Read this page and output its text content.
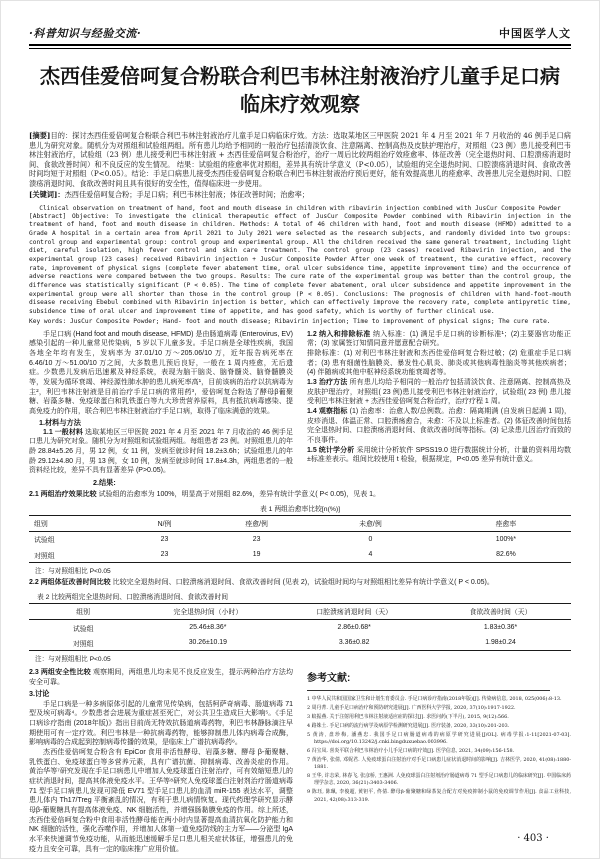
·科普知识与经验交流·	中国医学人文
杰西佳爱倍呵复合粉联合利巴韦林注射液治疗儿童手足口病
临床疗效观察

[摘要]目的：探讨杰西佳爱倍呵复合粉联合利巴韦林注射液治疗儿童手足口病临床疗效。方法：选取某地区三甲医院 2021 年 4 月至 2021 年 7 月收治的 46 例手足口病患儿为研究对象。随机分为对照组和试验组两组。所有患儿均给予相同的一般治疗包括清淡饮食、注意隔离、控制高热及皮肤护理治疗，对照组（23 例）患儿接受利巴韦林注射液治疗，试验组（23 例）患儿接受利巴韦林注射液 + 杰西佳爱倍呵复合粉治疗，治疗一周后比较两组治疗效痊愈率、体征改善（完全退热时间、口腔溃疡消退时间、食欲改善时间）和不良反应的发生情况。 结果：试验组的痊愈率优对照组，差异具有统计学意义（P<0.05），试验组的完全退热时间、口腔溃疡消退时间、食欲改善时间均短于对照组（P<0.05）。结论：手足口病患儿接受杰西佳爱倍呵复合粉联合利巴韦林注射液治疗预后更好，能有效提高患儿的痊愈率、改善患儿完全退热时间、口腔溃疡消退时间、食欲改善时间且具有很好的安全性，值得临床进一步使用。

[关键词]：杰西佳爱倍呵复合粉；手足口病；利巴韦林注射液；体征改善时间；治愈率；

Clinical observation on treatment of hand, foot and mouth disease in children with ribavirin injection combined with JusCur Composite Powder

[Abstract] Objective: To investigate the clinical therapeutic effect of JusCur Composite Powder combined with Ribavirin injection in the treatment of hand, foot and mouth disease in children. Methods: A total of 46 children with hand, foot and mouth disease (HFMD) admitted to a Grade A hospital in a certain area from April 2021 to July 2021 were selected as the research subjects, and randomly divided into two groups: control group and experimental group: control group and experimental group. All the children received the same general treatment, including light diet, careful isolation, high fever control and skin care treatment. The control group (23 cases) received Ribavirin injection, and the experimental group (23 cases) received Ribavirin injection + JusCur Composite Powder After one week of treatment, the curative effect, recovery rate, improvement of physical signs (complete fever abatement time, oral ulcer subsidence time, appetite improvement time) and the occurrence of adverse reactions were compared between the two groups. Results: The cure rate of the experimental group was better than the control group, the difference was statistically significant (P < 0.05). The time of complete fever abatement, oral ulcer subsidence and appetite improvement in the experimental group were all shorter than those in the control group (P < 0.05). Conclusions: The prognosis of children with hand-foot-mouth disease receiving Ebebul combined with Ribavirin injection is better, which can effectively improve the recovery rate, complete antipyretic time, subsidence time of oral ulcer and improvement time of appetite, and has good safety, which is worthy of further clinical use.

Key words: JusCur Composite Powder; Hand- foot and mouth disease; Ribavirin injection; Time to improvement of physical signs; The cure rate.

手足口病 (Hand foot and mouth disease, HFMD) 是由肠道病毒 (Enterovirus, EV) 感染引起的一种儿童常见传染病，5 岁以下儿童多发。手足口病是全球性疾病，我国各地全年均有发生，发病率为 37.01/10 万～205.06/10 万，近年报告病死率在 6.46/10 万～51.00/10 万之间，大多数患儿预后良好，一般在 1 周内痊愈，无后遗症。少数患儿发病后迅速累及神经系统，表现为脑干脑炎、脑脊髓炎、脑脊髓膜炎等，发展为循环衰竭、神经源性肺水肿的患儿病死率高¹，目前该病的治疗以抗病毒为主²，利巴韦林注射液是目前治疗手足口病的常用药³，爱倍呵复合粉选了酵母β葡聚糖、岩藻多糖、免疫球蛋白和乳铁蛋白等九大珍贵营养原料，具有抵抗病毒感染、提高免疫力的作用，联合利巴韦林注射液治疗手足口病，取得了临床满意的效果。

1.材料与方法

1.1 一般材料 选取某地区三甲医院 2021 年 4 月至 2021 年 7 月收治的 46 例手足口患儿为研究对象。随机分为对照组和试验组两组。每组患者 23 例。对照组患儿的年龄 28.84±5.26 月，男 12 例，女 11 例，发病至就诊时间 18.2±3.6h；试验组患儿的年龄 29.12±4.80 月，男 13 例，女 10 例，发病至就诊时间 17.8±4.3h，两组患者的一般资料经比较，差异不具有显著差异 (P>0.05)。

2.结果:

1.2 纳入和排除标准 纳入标准：(1) 满足手足口病的诊断标准¹；(2)主要器官功能正常；(3) 家属签订知情同意并愿意配合研究。

排除标准：(1) 对利巴韦林注射液和杰西佳爱倍呵复合粉过敏；(2) 危重症手足口病者；(3) 患有细菌性脑膜炎、暴发性心肌炎、肺炎或其他病毒性脑炎等其他疾病者；(4) 伴随病或其他中枢神经系统功能衰竭者等。

1.3 治疗方法 所有患儿均给予相同的一般治疗包括清淡饮食、注意隔离、控制高热及皮肤护理治疗，对照组( 23 例)患儿接受利巴韦林注射液治疗，试验组( 23 例) 患儿接受利巴韦林注射液 + 杰西佳爱倍呵复合粉治疗，治疗疗程 1 周。

1.4 观察指标 (1) 治愈率：治愈人数/总例数。治愈：隔离期满 (自发病日起满 1 周)，皮疹消退、体温正常、口腔溃疡愈合，未愈：不及以上标准者。(2) 体征改善时间包括完全退热时间、口腔溃疡消退时间、食欲改善时间等指标。(3) 记录患儿因治疗而致的不良事件。

1.5 统计学分析 采用统计分析软件 SPSS19.0 进行数据统计分析，计量的资料用均数±标准差表示。组间比较使用 t 检验，根据规定，P<0.05 差异有统计意义。

2.1 两组治疗效果比较 试验组的治愈率为 100%，明显高于对照组 82.6%，差异有统计学意义( P< 0.05)，见表 1。

表 1 两组治愈率比较[n(%)]

组别	N/例	痊愈/例	未愈/例	痊愈率
试验组	23	23	0	100%*
对照组	23	19	4	82.6%

注：与对照组相比 P<0.05

2.2 两组体征改善时间比较 比较完全退热时间、口腔溃疡消退时间、食欲改善时间 (见表 2)，试验组时间均与对照组相比差异有统计学意义( P < 0.05)。

表 2 比较两组完全退热时间、口腔溃疡消退时间、食欲改善时间

组别	完全退热时间（小时）	口腔溃疡消退时间（天）	食欲改善时间（天）
试验组	25.46±8.36*	2.86±0.68*	1.83±0.36*
对照组	30.26±10.19	3.36±0.82	1.98±0.24

注：与对照组相比 P<0.05

2.3 两组安全性比较 观察期间，两组患儿均未见不良反应发生，提示两种治疗方法均安全可靠。

3.讨论

手足口病是一种多病原体引起的儿童常见传染病，包括柯萨奇病毒、肠道病毒 71 型及埃可病毒⁴。少数患者会进展为重症甚至死亡，对公共卫生造成巨大影响⁵。《手足口病诊疗指南 (2018年版)》指出目前尚无特效抗肠道病毒药物，利巴韦林静脉滴注早期使用可有一定疗效。利巴韦林是一种抗病毒药物，能够抑制患儿体内病毒合成酶，影响病毒的合成起到控制病毒传播的效果，是临床上广谱抗病毒药⁶。

杰西佳爱倍呵复合粉含有 EpiCor 食用非活性酵母、岩藻多糖、酵母 β-葡聚糖、乳铁蛋白、免疫球蛋白等多营养元素，具有广谱抗菌、抑制病毒、改善炎症的作用。黄治华等⁷研究发现在手足口病患儿中增加人免疫球蛋白注射治疗，可有效缩短患儿的症状消退时间，提高其体液免疫水平。王华等⁸研究人免疫球蛋白注射剂治疗肠道病毒 71 型手足口病患儿发现可降低 EV71 型手足口患儿的血清 miR-155 表达水平，调整患儿体内 Th17/Treg 平衡紊乱的情况，有利于患儿病情恢复。现代药理学研究显示酵母β-葡聚糖具有提高体液免疫、NK 细胞活性，并增强肠黏膜免疫的作用。综上所述，杰西佳爱倍呵复合粉中食用非活性酵母能在两小时内显著提高血清抗氧化防护能力和 NK 细胞的活性，强化吞噬作用，并增加人体第一道免疫防线的主力军——分泌型 IgA 水平来快速调节免疫功能，从而能迅速缓解手足口患儿相关症状体征，增强患儿的免疫力且安全可靠，具有一定的临床推广应用价值。

参考文献:

1 中华人民共和国国家卫生和计划生育委员会. 手足口病诊疗指南(2018年版)[J]. 传染病信息, 2018, 025(006):8-13.
2 周丹菁. 儿童手足口病治疗和预防研究进展[J]. 广西医科大学学报, 2020, 37(10):1917-1922.
3 蚁振燕. 关于注射用利巴韦林注射液适应症的探讨[J]. 求医问药(下半月), 2015, 9(12):566.
4 路姝土. 手足口病的流行病学及病原学检测研究进展[J]. 医疗装备, 2020, 33(10):201-203.
5 黄涛, 盘珍梅, 潘燕忠. 我国手足口病肠道病毒的病原学研究进展[J/OL]. 病毒学报:1-11[2021-07-03]. https://doi.org/10.13242/j.cnki.bingduxuebao.003996.
6 冯宝凤. 喜炎平联合利巴韦林治疗小儿手足口病的疗效[J]. 医学信息, 2021, 34(09):156-158.
7 黄治华, 张倩, 邓妮君. 人免疫球蛋白注射治疗对手足口病患儿症状消退时间的影响[J]. 吉林医学, 2020, 41(08):1880-1881.
8 王华, 许志荣, 林春飞, 张彦桥, 王惠洲. 人免疫球蛋白注射剂治疗肠道病毒 71 型手足口病患儿的临床研究[J]. 中国临床药理学杂志, 2020, 36(21):3403-3406.
9 陈珏, 陈珮, 李俊超, 黄钽平, 佟倩. 酵母β-葡聚糖和绿茶复合配方对免疫抑制小鼠的免疫调节作用[J]. 食品工业科技, 2021, 42(08):313-319.
· 403 ·
